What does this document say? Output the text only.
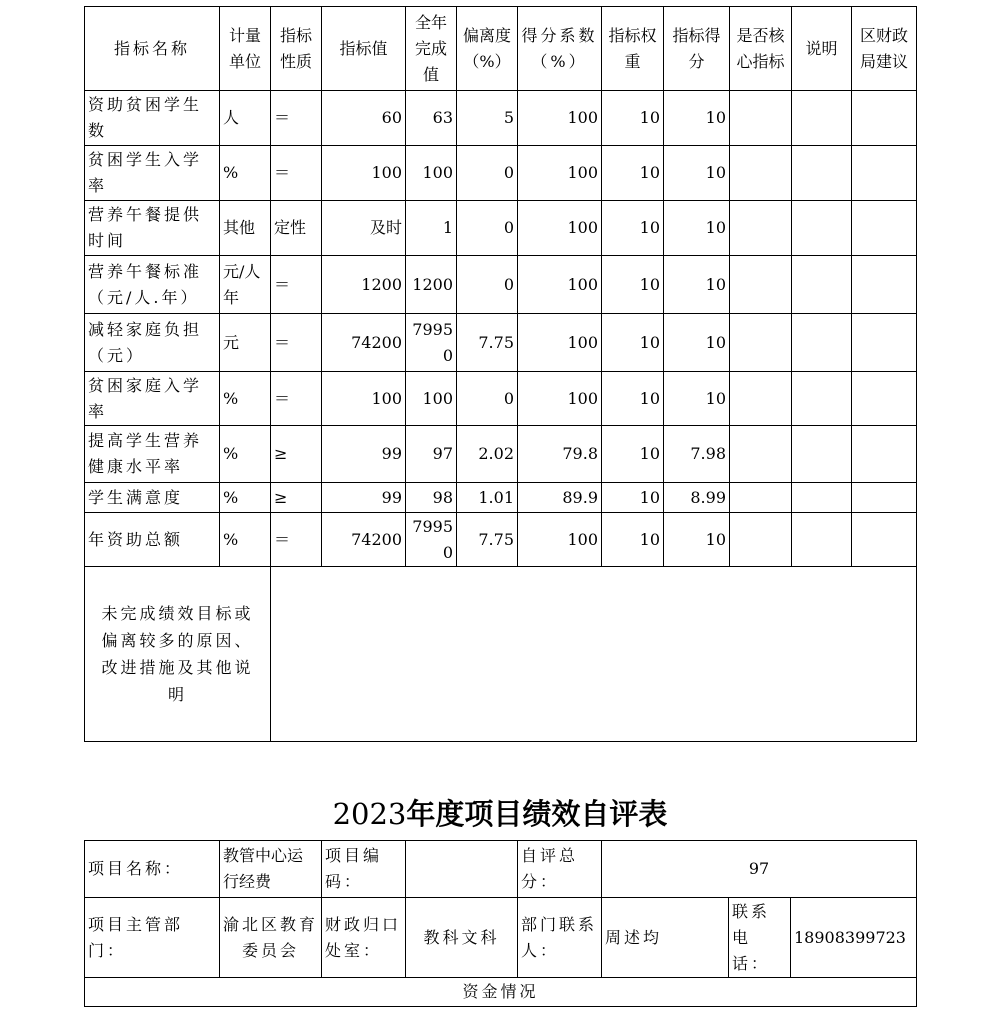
指标名称	计量单位	指标性质	指标值	全年完成值	偏离度（%）	得分系数（%）	指标权重	指标得分	是否核心指标	说明	区财政局建议
资助贫困学生数	人	＝	60	63	5	100	10	10			
贫困学生入学率	%	＝	100	100	0	100	10	10			
营养午餐提供时间	其他	定性	及时	1	0	100	10	10			
营养午餐标准（元/人.年）	元/人年	＝	1200	1200	0	100	10	10			
减轻家庭负担（元）	元	＝	74200	79950	7.75	100	10	10			
贫困家庭入学率	%	＝	100	100	0	100	10	10			
提高学生营养健康水平率	%	≥	99	97	2.02	79.8	10	7.98			
学生满意度	%	≥	99	98	1.01	89.9	10	8.99			
年资助总额	%	＝	74200	79950	7.75	100	10	10			
未完成绩效目标或偏离较多的原因、改进措施及其他说明											
2023年度项目绩效自评表
项目名称：	教管中心运行经费	项目编码：		自评总分：	97		
项目主管部门：	渝北区教育委员会	财政归口处室：	教科文科	部门联系人：	周述均	联系电话：	18908399723
资金情况							
